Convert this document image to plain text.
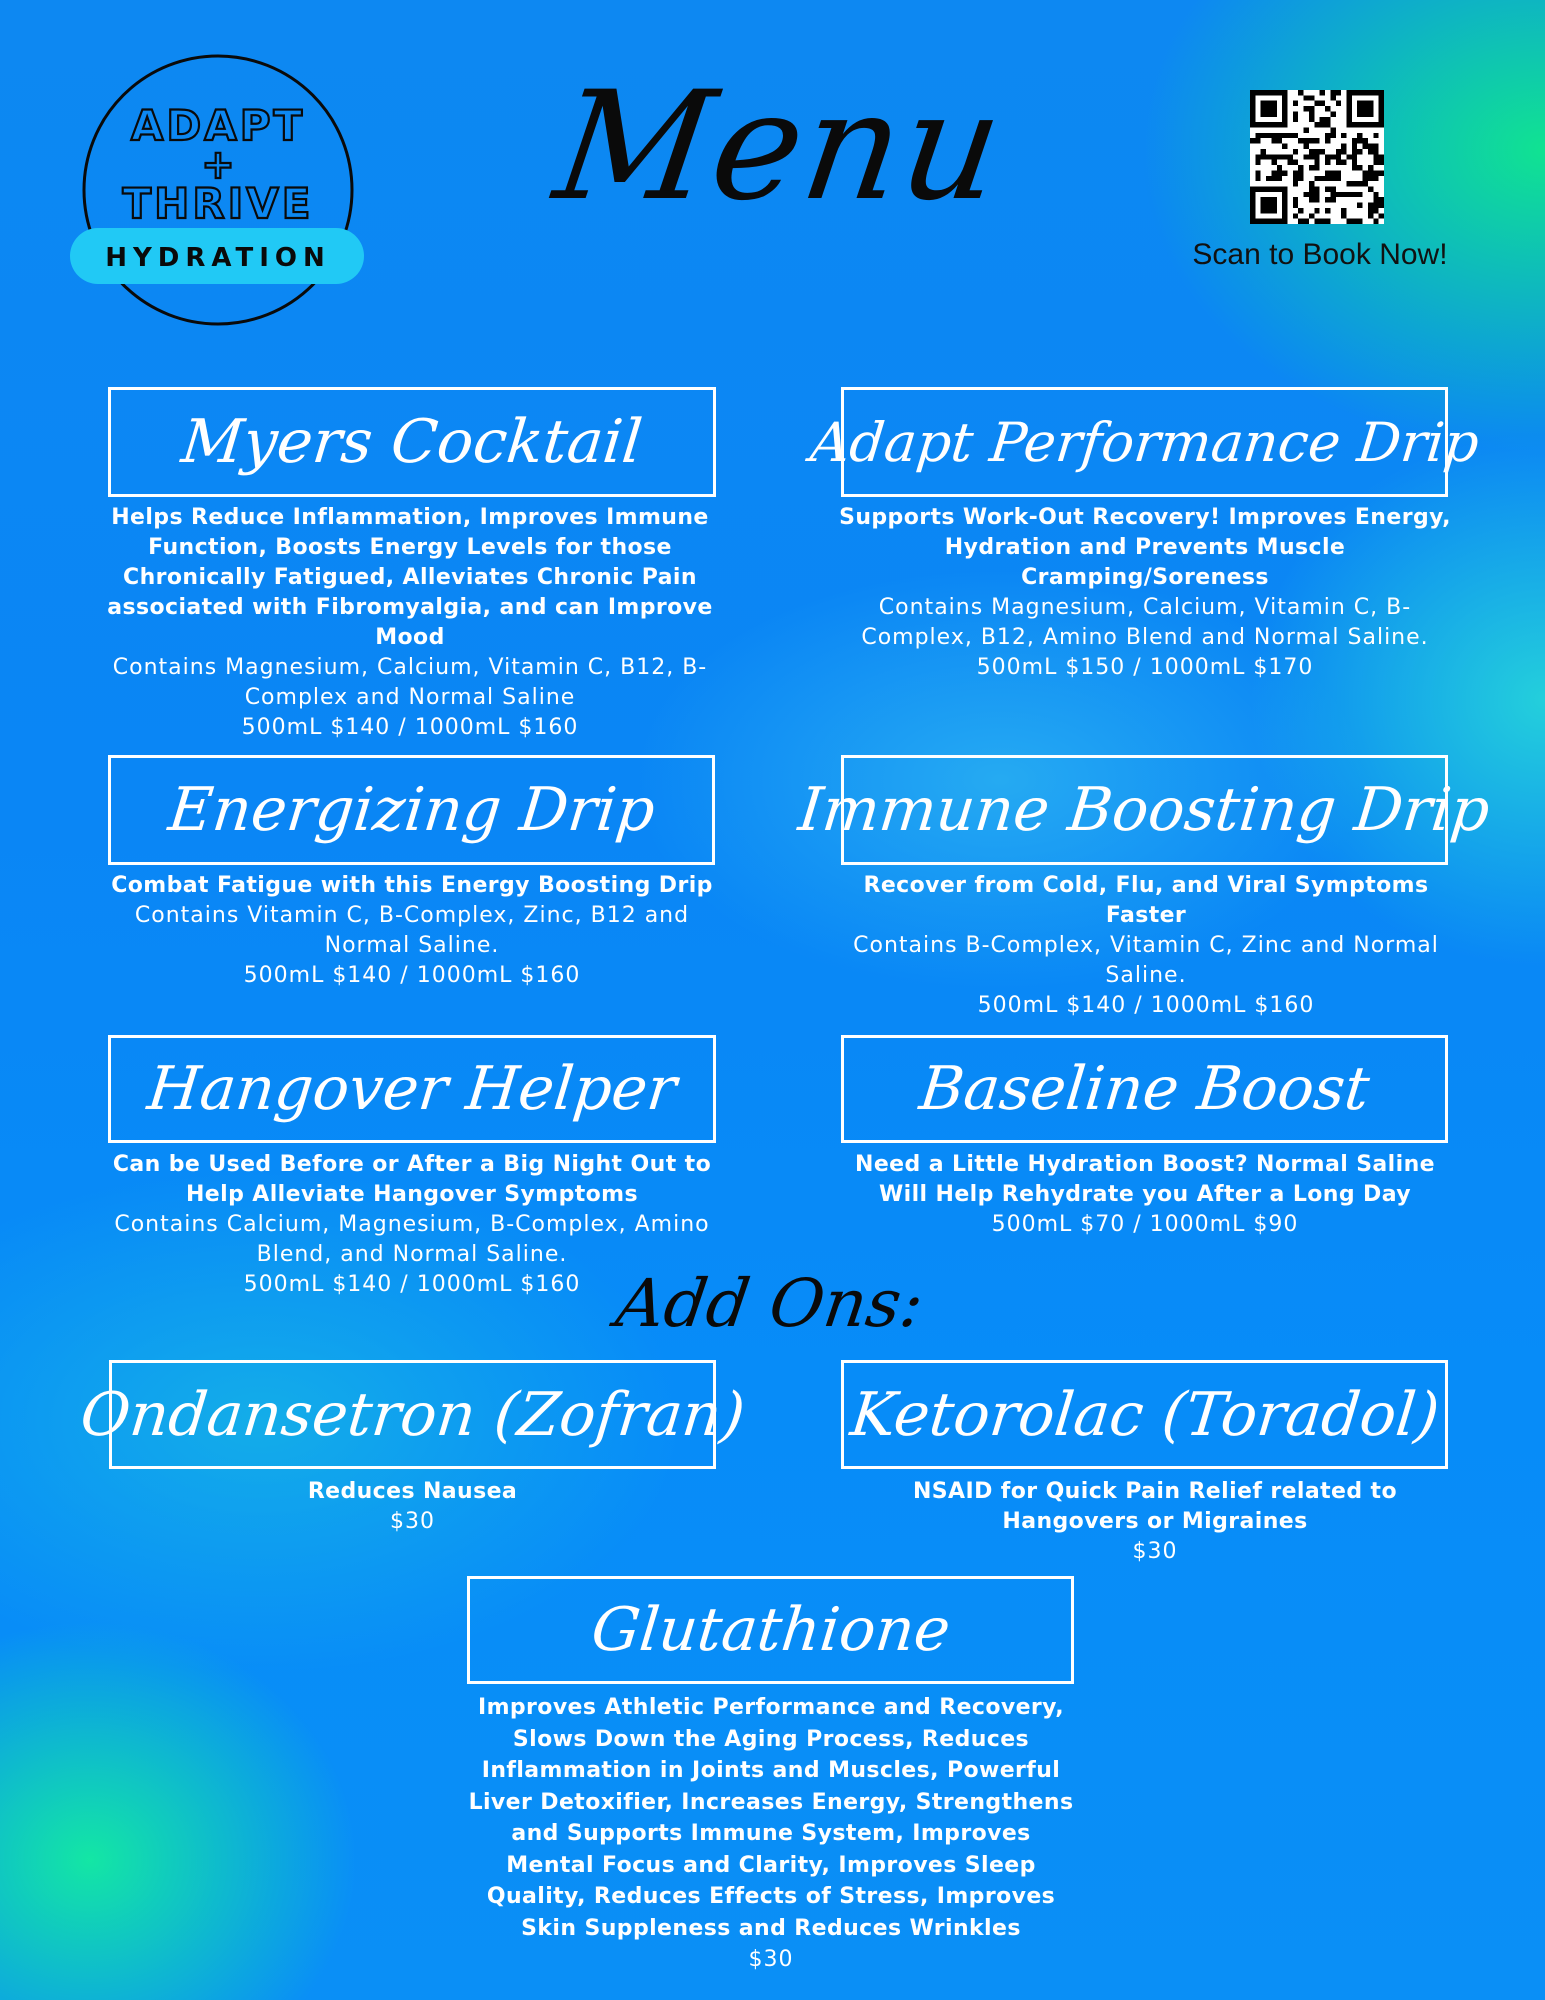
ADAPT
+
THRIVE
HYDRATION
Menu
Scan to Book Now!
Myers Cocktail
Helps Reduce Inflammation, Improves Immune Function, Boosts Energy Levels for those Chronically Fatigued, Alleviates Chronic Pain associated with Fibromyalgia, and can Improve Mood
Contains Magnesium, Calcium, Vitamin C, B12, B-Complex and Normal Saline
500mL $140 / 1000mL $160
Adapt Performance Drip
Supports Work-Out Recovery! Improves Energy, Hydration and Prevents Muscle Cramping/Soreness
Contains Magnesium, Calcium, Vitamin C, B-Complex, B12, Amino Blend and Normal Saline.
500mL $150 / 1000mL $170
Energizing Drip
Combat Fatigue with this Energy Boosting Drip
Contains Vitamin C, B-Complex, Zinc, B12 and Normal Saline.
500mL $140 / 1000mL $160
Immune Boosting Drip
Recover from Cold, Flu, and Viral Symptoms Faster
Contains B-Complex, Vitamin C, Zinc and Normal Saline.
500mL $140 / 1000mL $160
Hangover Helper
Can be Used Before or After a Big Night Out to Help Alleviate Hangover Symptoms
Contains Calcium, Magnesium, B-Complex, Amino Blend, and Normal Saline.
500mL $140 / 1000mL $160
Baseline Boost
Need a Little Hydration Boost? Normal Saline Will Help Rehydrate you After a Long Day
500mL $70 / 1000mL $90
Add Ons:
Ondansetron (Zofran)
Reduces Nausea
$30
Ketorolac (Toradol)
NSAID for Quick Pain Relief related to Hangovers or Migraines
$30
Glutathione
Improves Athletic Performance and Recovery, Slows Down the Aging Process, Reduces Inflammation in Joints and Muscles, Powerful Liver Detoxifier, Increases Energy, Strengthens and Supports Immune System, Improves Mental Focus and Clarity, Improves Sleep Quality, Reduces Effects of Stress, Improves Skin Suppleness and Reduces Wrinkles
$30
